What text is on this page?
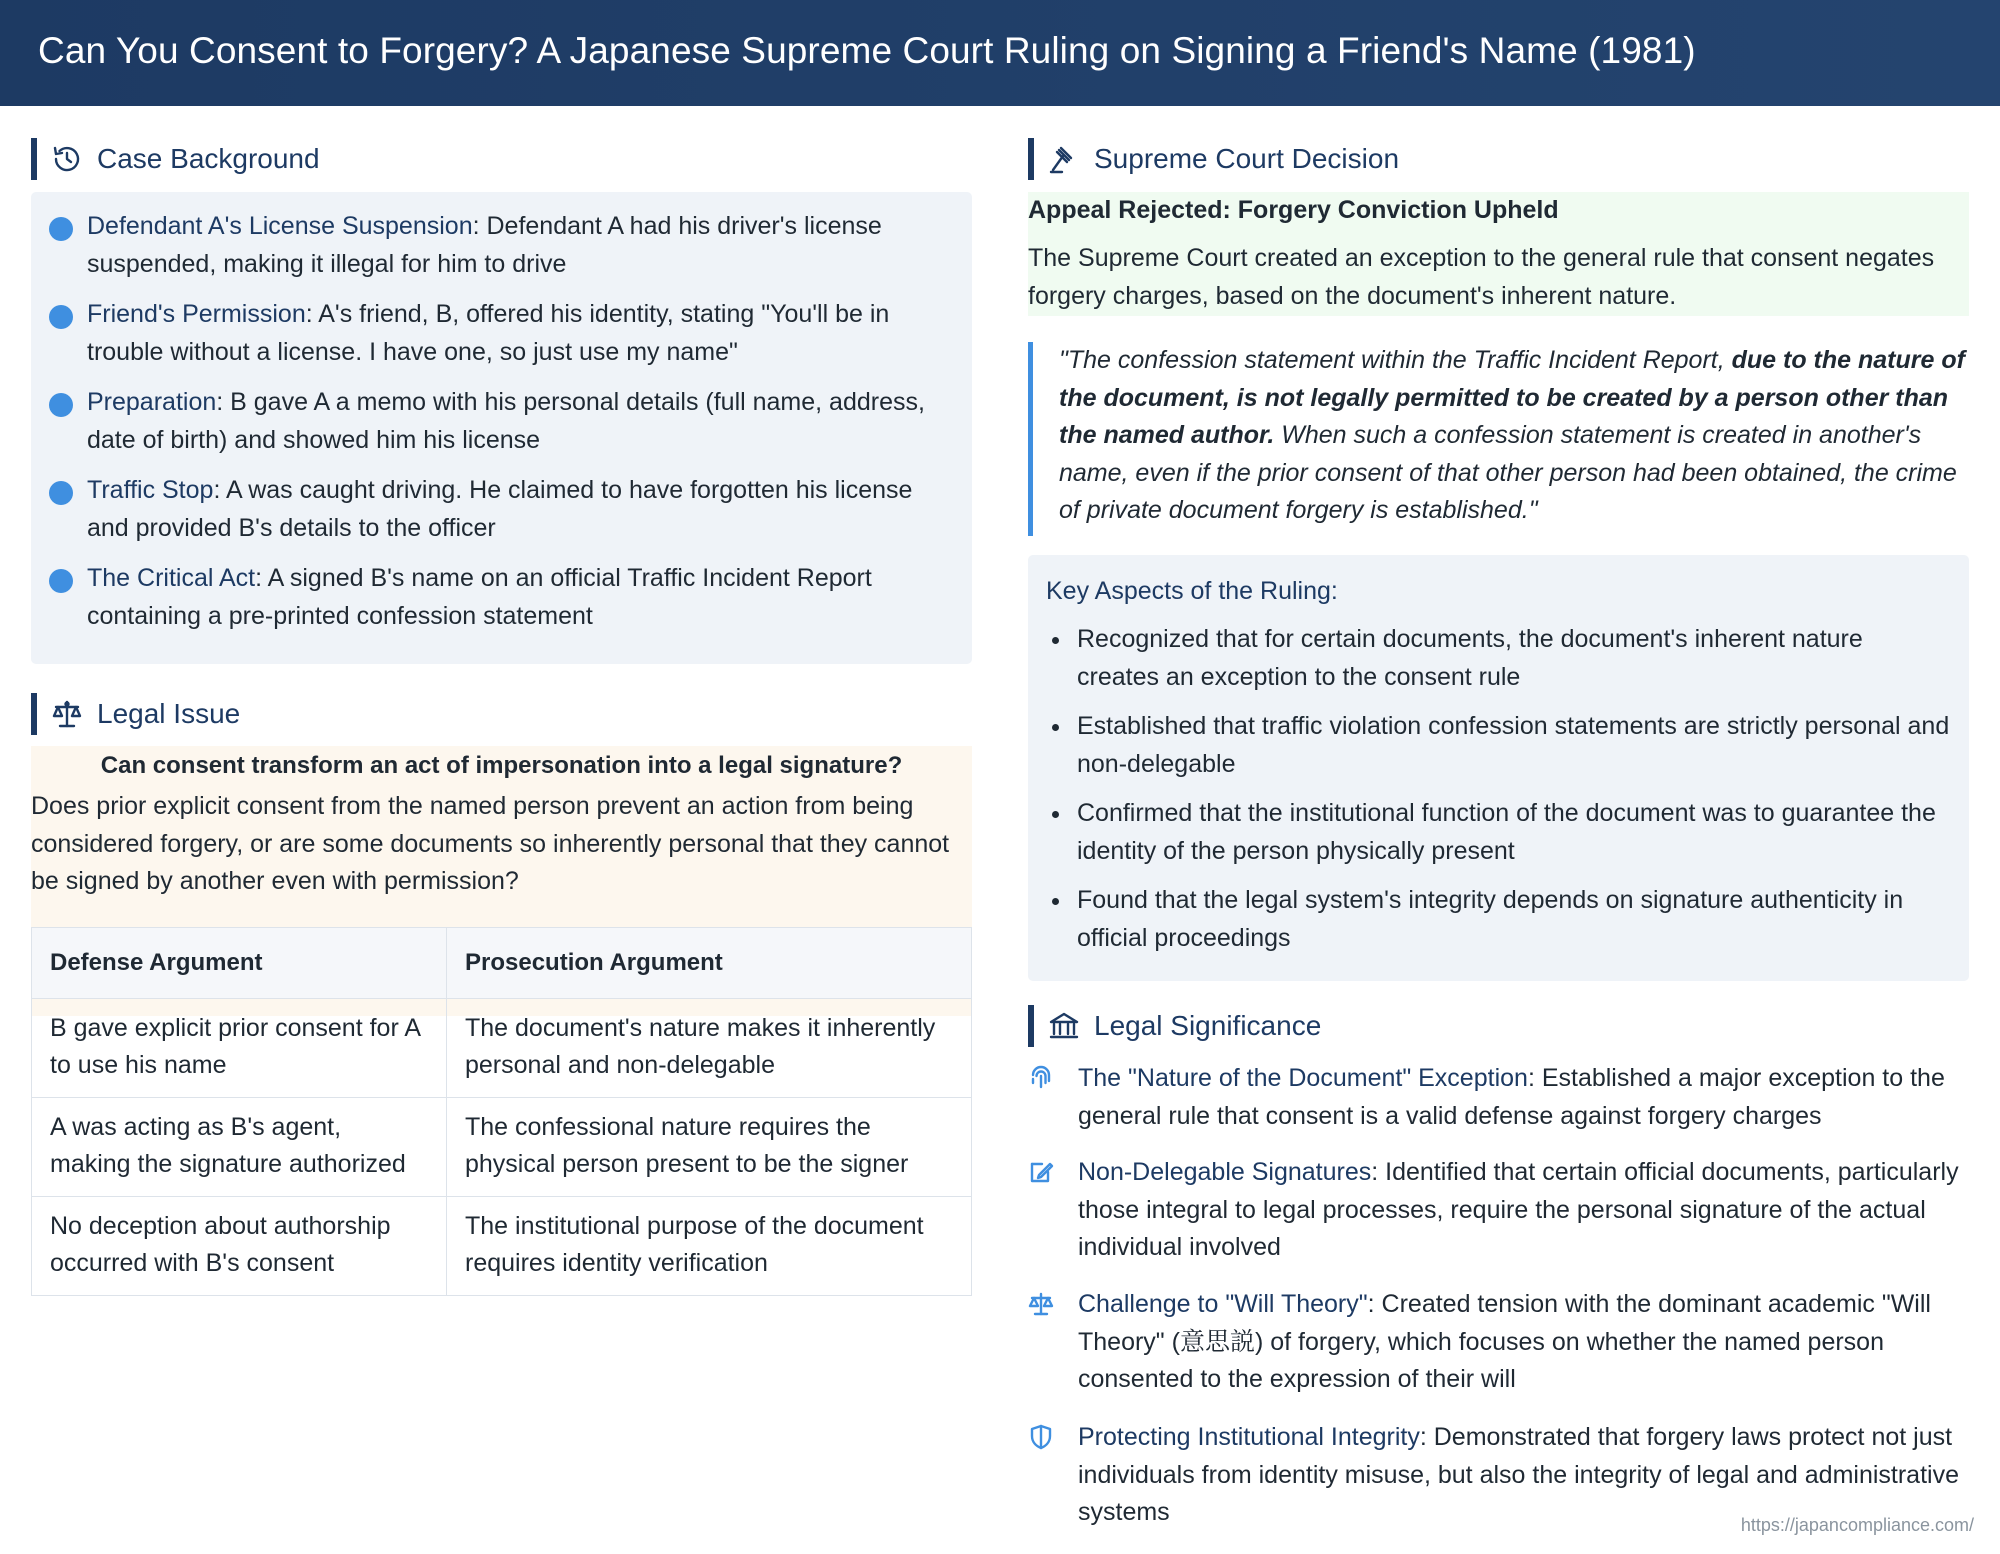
Can You Consent to Forgery? A Japanese Supreme Court Ruling on Signing a Friend's Name (1981)
Case Background
Defendant A's License Suspension: Defendant A had his driver's license suspended, making it illegal for him to drive
Friend's Permission: A's friend, B, offered his identity, stating "You'll be in trouble without a license. I have one, so just use my name"
Preparation: B gave A a memo with his personal details (full name, address, date of birth) and showed him his license
Traffic Stop: A was caught driving. He claimed to have forgotten his license and provided B's details to the officer
The Critical Act: A signed B's name on an official Traffic Incident Report containing a pre-printed confession statement
Legal Issue
Can consent transform an act of impersonation into a legal signature?
Does prior explicit consent from the named person prevent an action from being considered forgery, or are some documents so inherently personal that they cannot be signed by another even with permission?
Defense Argument	Prosecution Argument
B gave explicit prior consent for A to use his name	The document's nature makes it inherently personal and non-delegable
A was acting as B's agent, making the signature authorized	The confessional nature requires the physical person present to be the signer
No deception about authorship occurred with B's consent	The institutional purpose of the document requires identity verification
Supreme Court Decision
Appeal Rejected: Forgery Conviction Upheld
The Supreme Court created an exception to the general rule that consent negates forgery charges, based on the document's inherent nature.
"The confession statement within the Traffic Incident Report, due to the nature of the document, is not legally permitted to be created by a person other than the named author. When such a confession statement is created in another's name, even if the prior consent of that other person had been obtained, the crime of private document forgery is established."
Key Aspects of the Ruling:
Recognized that for certain documents, the document's inherent nature creates an exception to the consent rule
Established that traffic violation confession statements are strictly personal and non-delegable
Confirmed that the institutional function of the document was to guarantee the identity of the person physically present
Found that the legal system's integrity depends on signature authenticity in official proceedings
Legal Significance
The "Nature of the Document" Exception: Established a major exception to the general rule that consent is a valid defense against forgery charges
Non-Delegable Signatures: Identified that certain official documents, particularly those integral to legal processes, require the personal signature of the actual individual involved
Challenge to "Will Theory": Created tension with the dominant academic "Will Theory" (意思説) of forgery, which focuses on whether the named person consented to the expression of their will
Protecting Institutional Integrity: Demonstrated that forgery laws protect not just individuals from identity misuse, but also the integrity of legal and administrative systems	https://japancompliance.com/
